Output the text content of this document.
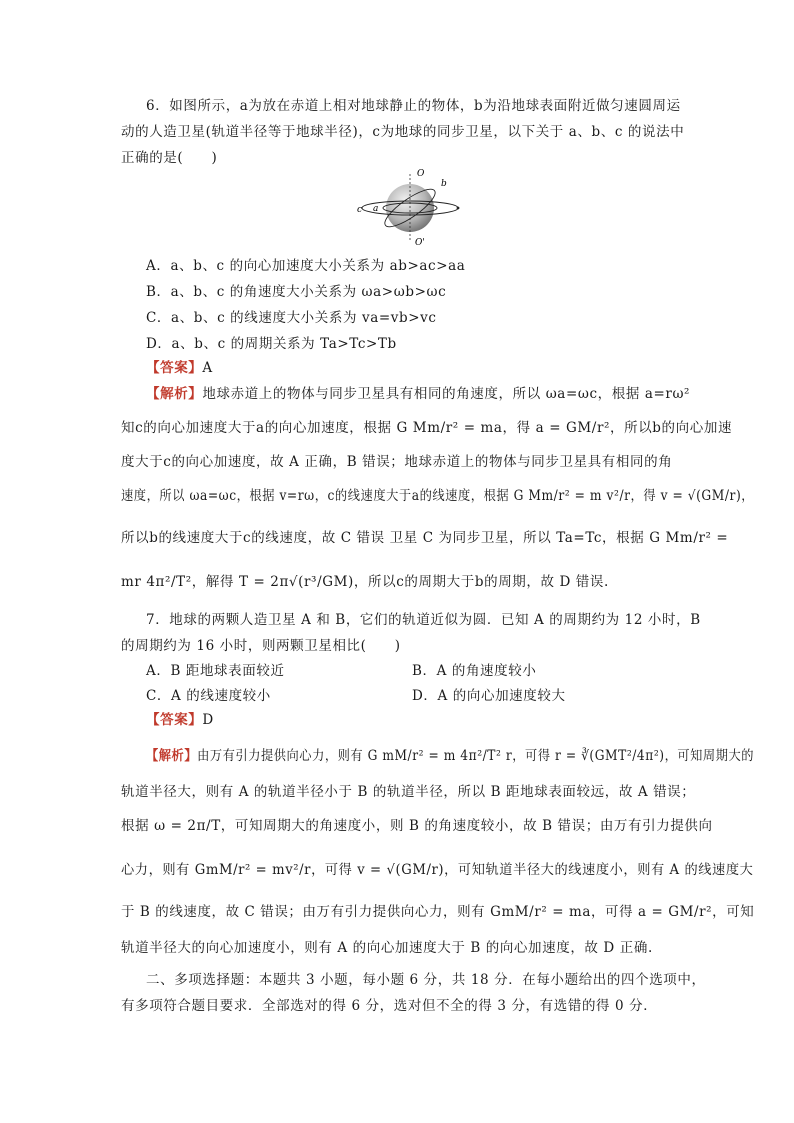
6．如图所示，a为放在赤道上相对地球静止的物体，b为沿地球表面附近做匀速圆周运
动的人造卫星(轨道半径等于地球半径)，c为地球的同步卫星，以下关于 a、b、c 的说法中
正确的是(　　)
O
O'
a
b
c
A．a、b、c 的向心加速度大小关系为 ab>ac>aa
B．a、b、c 的角速度大小关系为 ωa>ωb>ωc
C．a、b、c 的线速度大小关系为 va=vb>vc
D．a、b、c 的周期关系为 Ta>Tc>Tb
【答案】A
【解析】地球赤道上的物体与同步卫星具有相同的角速度，所以 ωa=ωc，根据 a=rω²
知c的向心加速度大于a的向心加速度，根据 G Mm/r² = ma，得 a = GM/r²，所以b的向心加速
度大于c的向心加速度，故 A 正确，B 错误；地球赤道上的物体与同步卫星具有相同的角
速度，所以 ωa=ωc，根据 v=rω，c的线速度大于a的线速度，根据 G Mm/r² = m v²/r，得 v = √(GM/r)，
所以b的线速度大于c的线速度，故 C 错误 卫星 C 为同步卫星，所以 Ta=Tc，根据 G Mm/r² =
mr 4π²/T²，解得 T = 2π√(r³/GM)，所以c的周期大于b的周期，故 D 错误.
7．地球的两颗人造卫星 A 和 B，它们的轨道近似为圆．已知 A 的周期约为 12 小时，B
的周期约为 16 小时，则两颗卫星相比(　　)
A．B 距地球表面较近	B．A 的角速度较小
C．A 的线速度较小	D．A 的向心加速度较大
【答案】D
【解析】由万有引力提供向心力，则有 G mM/r² = m 4π²/T² r，可得 r = ∛(GMT²/4π²)，可知周期大的
轨道半径大，则有 A 的轨道半径小于 B 的轨道半径，所以 B 距地球表面较远，故 A 错误；
根据 ω = 2π/T，可知周期大的角速度小，则 B 的角速度较小，故 B 错误；由万有引力提供向
心力，则有 GmM/r² = mv²/r，可得 v = √(GM/r)，可知轨道半径大的线速度小，则有 A 的线速度大
于 B 的线速度，故 C 错误；由万有引力提供向心力，则有 GmM/r² = ma，可得 a = GM/r²，可知
轨道半径大的向心加速度小，则有 A 的向心加速度大于 B 的向心加速度，故 D 正确.
二、多项选择题：本题共 3 小题，每小题 6 分，共 18 分．在每小题给出的四个选项中，
有多项符合题目要求．全部选对的得 6 分，选对但不全的得 3 分，有选错的得 0 分．
